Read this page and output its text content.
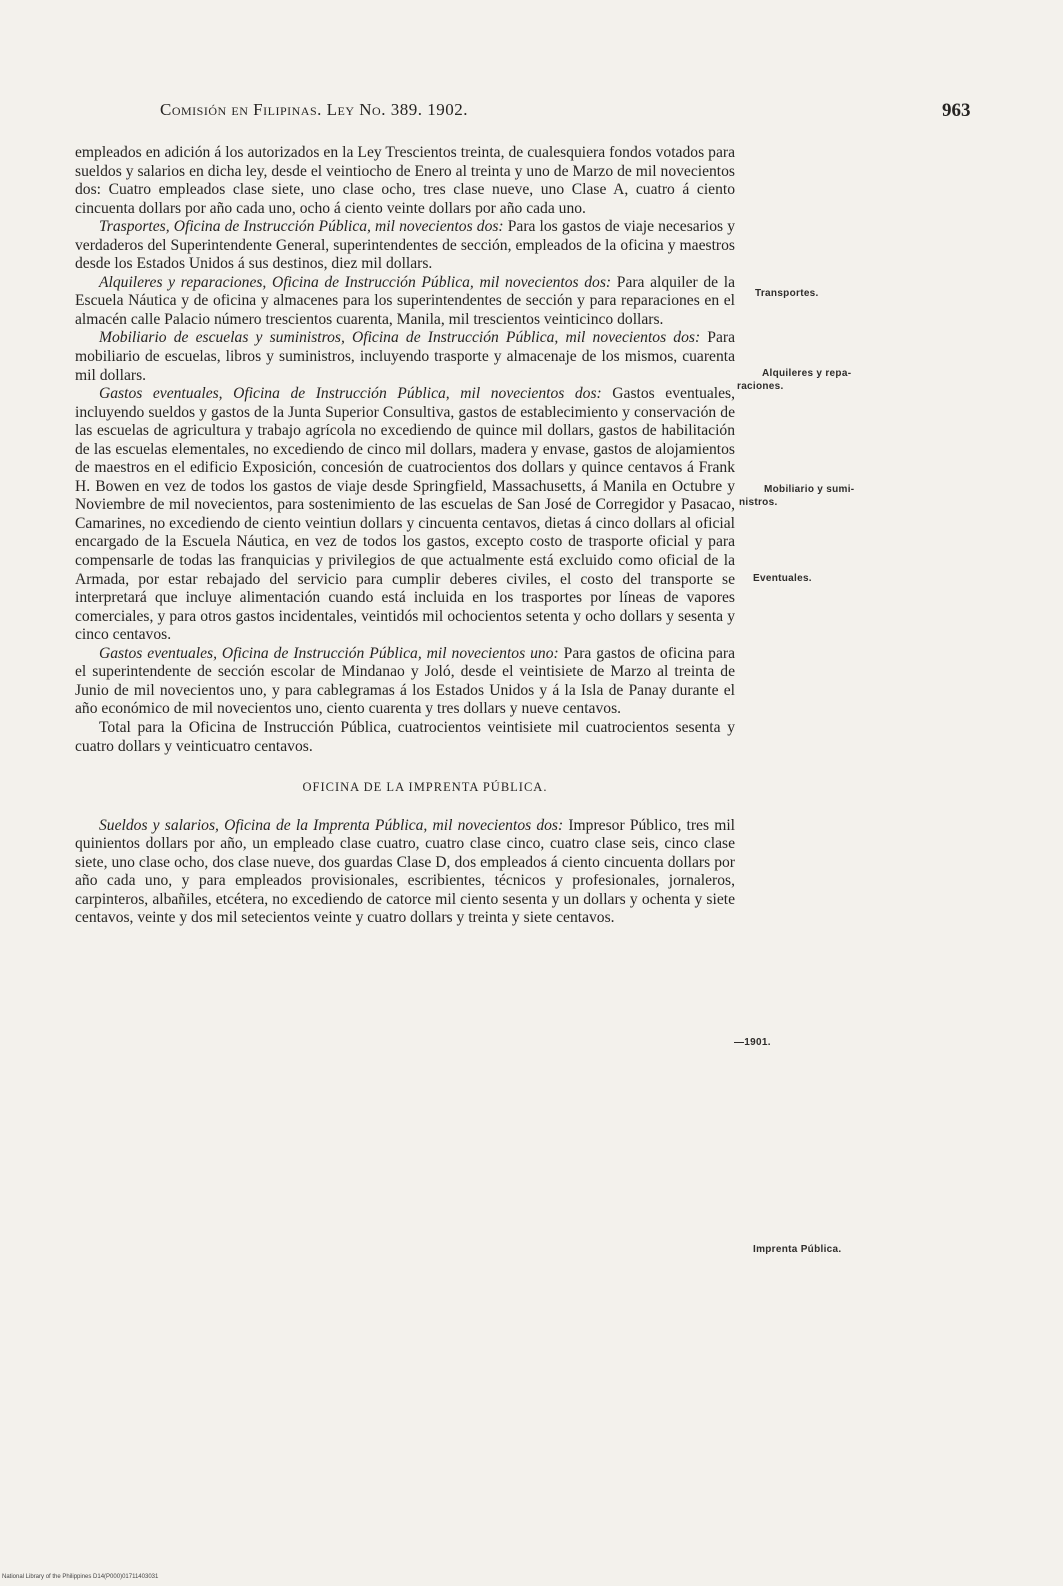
Comisión en Filipinas. Ley No. 389. 1902.	963

empleados en adición á los autorizados en la Ley Trescientos treinta, de cualesquiera fondos votados para sueldos y salarios en dicha ley, desde el veintiocho de Enero al treinta y uno de Marzo de mil novecientos dos: Cuatro empleados clase siete, uno clase ocho, tres clase nueve, uno Clase A, cuatro á ciento cincuenta dollars por año cada uno, ocho á ciento veinte dollars por año cada uno.

Trasportes, Oficina de Instrucción Pública, mil novecientos dos: Para los gastos de viaje necesarios y verdaderos del Superintendente General, superintendentes de sección, empleados de la oficina y maestros desde los Estados Unidos á sus destinos, diez mil dollars.

Alquileres y reparaciones, Oficina de Instrucción Pública, mil novecientos dos: Para alquiler de la Escuela Náutica y de oficina y almacenes para los superintendentes de sección y para reparaciones en el almacén calle Palacio número trescientos cuarenta, Manila, mil trescientos veinticinco dollars.

Mobiliario de escuelas y suministros, Oficina de Instrucción Pública, mil novecientos dos: Para mobiliario de escuelas, libros y suministros, incluyendo trasporte y almacenaje de los mismos, cuarenta mil dollars.

Gastos eventuales, Oficina de Instrucción Pública, mil novecientos dos: Gastos eventuales, incluyendo sueldos y gastos de la Junta Superior Consultiva, gastos de establecimiento y conservación de las escuelas de agricultura y trabajo agrícola no excediendo de quince mil dollars, gastos de habilitación de las escuelas elementales, no excediendo de cinco mil dollars, madera y envase, gastos de alojamientos de maestros en el edificio Exposición, concesión de cuatrocientos dos dollars y quince centavos á Frank H. Bowen en vez de todos los gastos de viaje desde Springfield, Massachusetts, á Manila en Octubre y Noviembre de mil novecientos, para sostenimiento de las escuelas de San José de Corregidor y Pasacao, Camarines, no excediendo de ciento veintiun dollars y cincuenta centavos, dietas á cinco dollars al oficial encargado de la Escuela Náutica, en vez de todos los gastos, excepto costo de trasporte oficial y para compensarle de todas las franquicias y privilegios de que actualmente está excluido como oficial de la Armada, por estar rebajado del servicio para cumplir deberes civiles, el costo del transporte se interpretará que incluye alimentación cuando está incluida en los trasportes por líneas de vapores comerciales, y para otros gastos incidentales, veintidós mil ochocientos setenta y ocho dollars y sesenta y cinco centavos.

Gastos eventuales, Oficina de Instrucción Pública, mil novecientos uno: Para gastos de oficina para el superintendente de sección escolar de Mindanao y Joló, desde el veintisiete de Marzo al treinta de Junio de mil novecientos uno, y para cablegramas á los Estados Unidos y á la Isla de Panay durante el año económico de mil novecientos uno, ciento cuarenta y tres dollars y nueve centavos.

Total para la Oficina de Instrucción Pública, cuatrocientos veintisiete mil cuatrocientos sesenta y cuatro dollars y veinticuatro centavos.

OFICINA DE LA IMPRENTA PÚBLICA.

Sueldos y salarios, Oficina de la Imprenta Pública, mil novecientos dos: Impresor Público, tres mil quinientos dollars por año, un empleado clase cuatro, cuatro clase cinco, cuatro clase seis, cinco clase siete, uno clase ocho, dos clase nueve, dos guardas Clase D, dos empleados á ciento cincuenta dollars por año cada uno, y para empleados provisionales, escribientes, técnicos y profesionales, jornaleros, carpinteros, albañiles, etcétera, no excediendo de catorce mil ciento sesenta y un dollars y ochenta y siete centavos, veinte y dos mil setecientos veinte y cuatro dollars y treinta y siete centavos.

Transportes.
Alquileres y repa-
raciones.
Mobiliario y sumi-
nistros.
Eventuales.
—1901.
Imprenta Pública.
National Library of the Philippines D14(P000)01711403031
